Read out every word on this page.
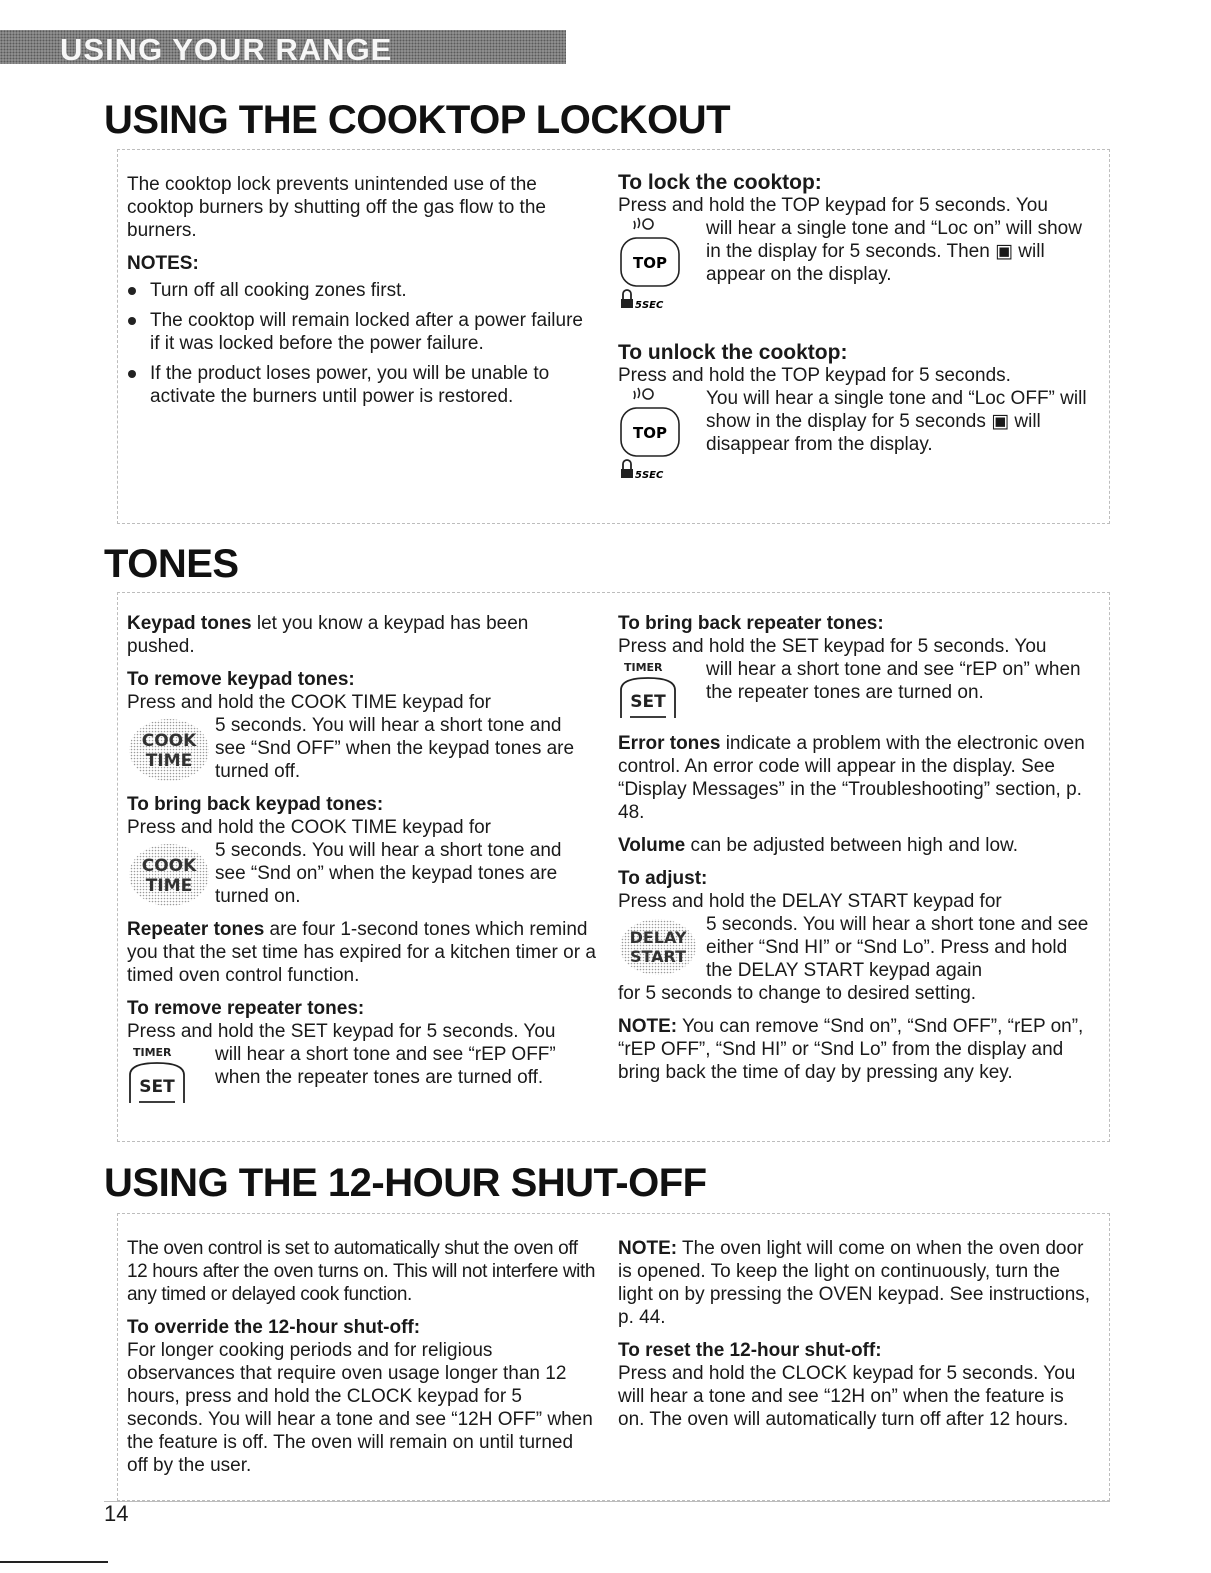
USING YOUR RANGE
USING THE COOKTOP LOCKOUT

The cooktop lock prevents unintended use of the cooktop burners by shutting off the gas flow to the burners.

NOTES:

Turn off all cooking zones first.
The cooktop will remain locked after a power failure if it was locked before the power failure.
If the product loses power, you will be unable to activate the burners until power is restored.

To lock the cooktop:

Press and hold the TOP keypad for 5 seconds. You

TOP
5SEC

will hear a single tone and “Loc on” will show in the display for 5 seconds. Then ▣ will appear on the display.

To unlock the cooktop:

Press and hold the TOP keypad for 5 seconds.

TOP
5SEC

You will hear a single tone and “Loc OFF” will show in the display for 5 seconds ▣ will disappear from the display.

TONES

Keypad tones let you know a keypad has been pushed.

To remove keypad tones:

Press and hold the COOK TIME keypad for

COOK
TIME

5 seconds. You will hear a short tone and see “Snd OFF” when the keypad tones are turned off.

To bring back keypad tones:

Press and hold the COOK TIME keypad for

COOK
TIME

5 seconds. You will hear a short tone and see “Snd on” when the keypad tones are turned on.

Repeater tones are four 1-second tones which remind you that the set time has expired for a kitchen timer or a timed oven control function.

To remove repeater tones:

Press and hold the SET keypad for 5 seconds. You

TIMER
SET

will hear a short tone and see “rEP OFF” when the repeater tones are turned off.

To bring back repeater tones:

Press and hold the SET keypad for 5 seconds. You

TIMER
SET

will hear a short tone and see “rEP on” when the repeater tones are turned on.

Error tones indicate a problem with the electronic oven control. An error code will appear in the display. See “Display Messages” in the “Troubleshooting” section, p. 48.

Volume can be adjusted between high and low.

To adjust:

Press and hold the DELAY START keypad for

DELAY
START

5 seconds. You will hear a short tone and see either “Snd HI” or “Snd Lo”. Press and hold the DELAY START keypad again

for 5 seconds to change to desired setting.

NOTE: You can remove “Snd on”, “Snd OFF”, “rEP on”, “rEP OFF”, “Snd HI” or “Snd Lo” from the display and bring back the time of day by pressing any key.

USING THE 12-HOUR SHUT-OFF

The oven control is set to automatically shut the oven off 12 hours after the oven turns on. This will not interfere with any timed or delayed cook function.

To override the 12-hour shut-off:

For longer cooking periods and for religious observances that require oven usage longer than 12 hours, press and hold the CLOCK keypad for 5 seconds. You will hear a tone and see “12H OFF” when the feature is off. The oven will remain on until turned off by the user.

NOTE: The oven light will come on when the oven door is opened. To keep the light on continuously, turn the light on by pressing the OVEN keypad. See instructions, p. 44.

To reset the 12-hour shut-off:

Press and hold the CLOCK keypad for 5 seconds. You will hear a tone and see “12H on” when the feature is on. The oven will automatically turn off after 12 hours.

14
